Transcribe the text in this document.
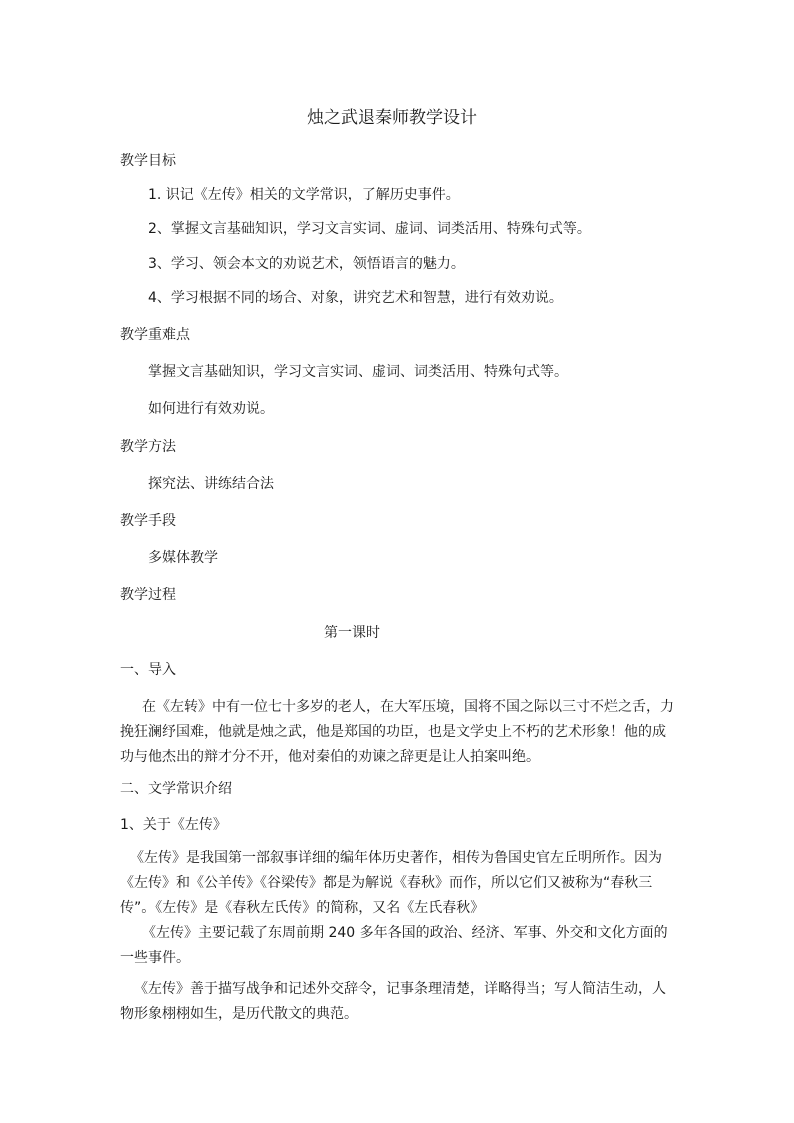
烛之武退秦师教学设计
教学目标
1. 识记《左传》相关的文学常识，了解历史事件。
2、掌握文言基础知识，学习文言实词、虚词、词类活用、特殊句式等。
3、学习、领会本文的劝说艺术，领悟语言的魅力。
4、学习根据不同的场合、对象，讲究艺术和智慧，进行有效劝说。
教学重难点
掌握文言基础知识，学习文言实词、虚词、词类活用、特殊句式等。
如何进行有效劝说。
教学方法
探究法、讲练结合法
教学手段
多媒体教学
教学过程
第一课时
一、导入
在《左转》中有一位七十多岁的老人，在大军压境，国将不国之际以三寸不烂之舌，力挽狂澜纾国难，他就是烛之武，他是郑国的功臣，也是文学史上不朽的艺术形象！他的成功与他杰出的辩才分不开，他对秦伯的劝谏之辞更是让人拍案叫绝。
二、文学常识介绍
1、关于《左传》
《左传》是我国第一部叙事详细的编年体历史著作，相传为鲁国史官左丘明所作。因为《左传》和《公羊传》《谷梁传》都是为解说《春秋》而作，所以它们又被称为“春秋三传”。《左传》是《春秋左氏传》的简称，又名《左氏春秋》
《左传》主要记载了东周前期 240 多年各国的政治、经济、军事、外交和文化方面的一些事件。
《左传》善于描写战争和记述外交辞令，记事条理清楚，详略得当；写人简洁生动，人物形象栩栩如生，是历代散文的典范。
